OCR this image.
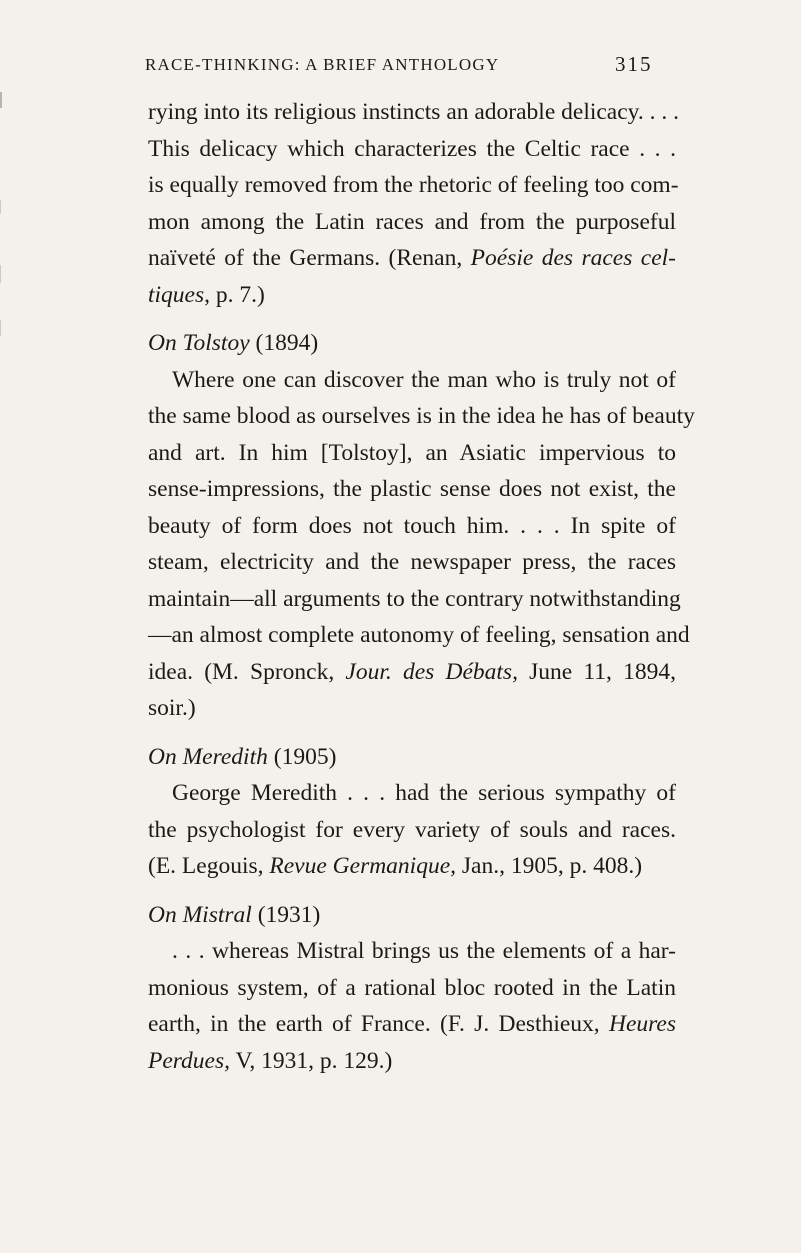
RACE-THINKING: A BRIEF ANTHOLOGY	315
rying into its religious instincts an adorable delicacy. . . .
This delicacy which characterizes the Celtic race . . .
is equally removed from the rhetoric of feeling too com-
mon among the Latin races and from the purposeful
naïveté of the Germans. (Renan, Poésie des races cel-
tiques, p. 7.)
On Tolstoy (1894)
Where one can discover the man who is truly not of
the same blood as ourselves is in the idea he has of beauty
and art. In him [Tolstoy], an Asiatic impervious to
sense-impressions, the plastic sense does not exist, the
beauty of form does not touch him. . . . In spite of
steam, electricity and the newspaper press, the races
maintain—all arguments to the contrary notwithstanding
—an almost complete autonomy of feeling, sensation and
idea. (M. Spronck, Jour. des Débats, June 11, 1894,
soir.)
On Meredith (1905)
George Meredith . . . had the serious sympathy of
the psychologist for every variety of souls and races.
(E. Legouis, Revue Germanique, Jan., 1905, p. 408.)
On Mistral (1931)
. . . whereas Mistral brings us the elements of a har-
monious system, of a rational bloc rooted in the Latin
earth, in the earth of France. (F. J. Desthieux, Heures
Perdues, V, 1931, p. 129.)
